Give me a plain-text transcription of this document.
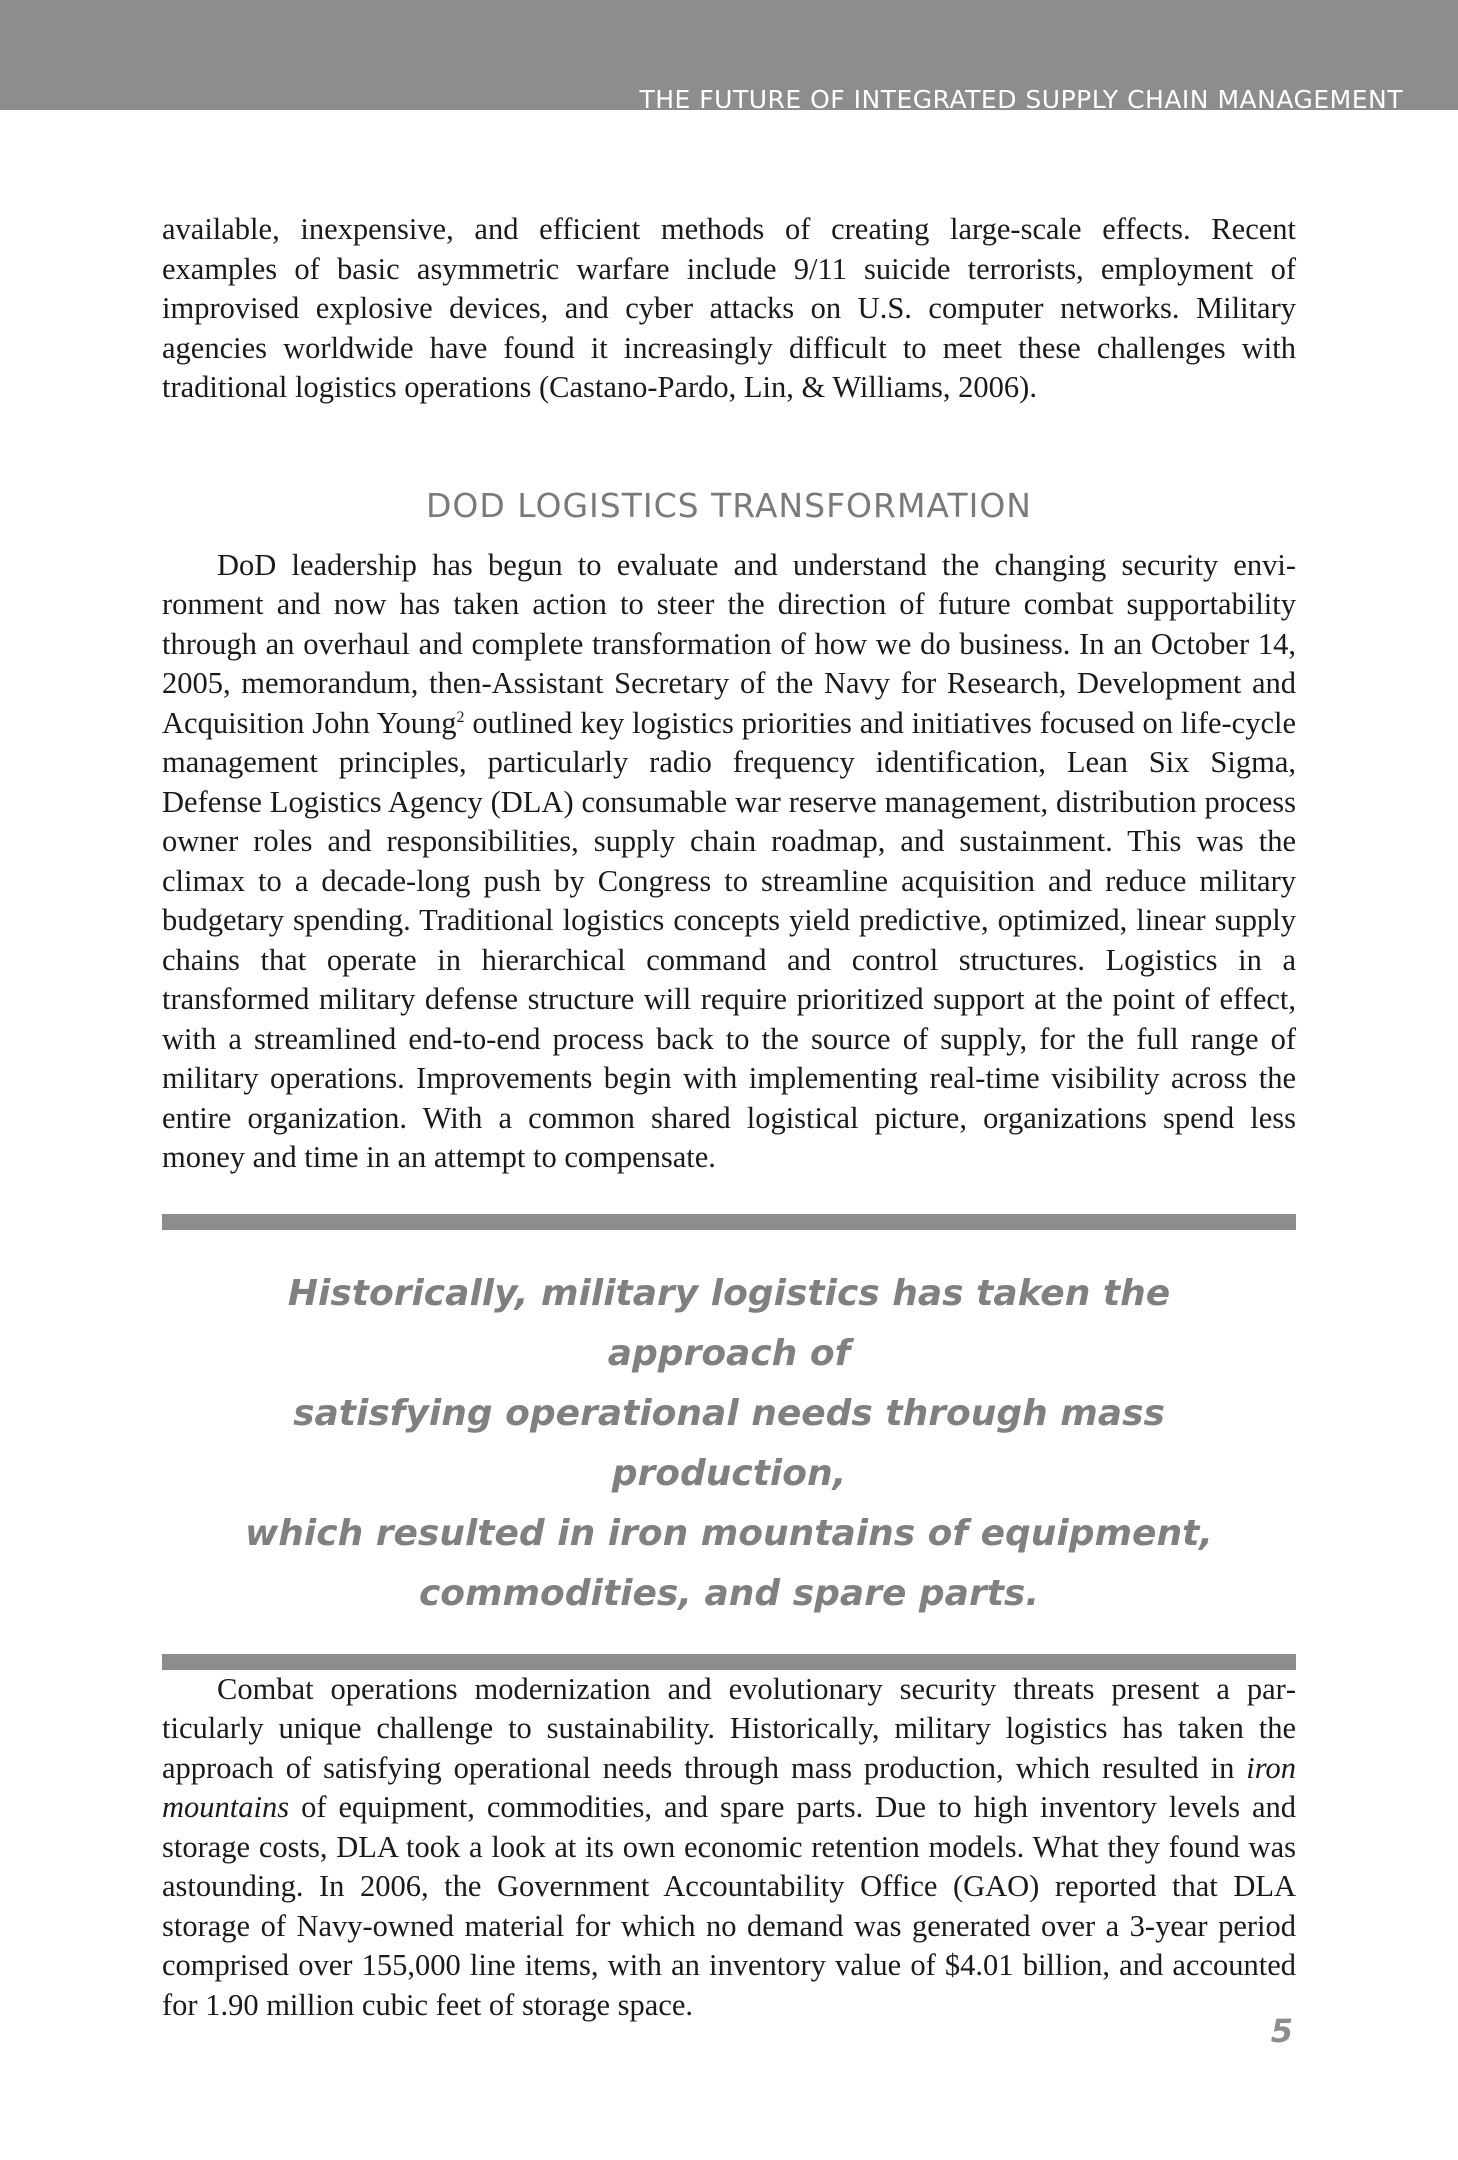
THE FUTURE OF INTEGRATED SUPPLY CHAIN MANAGEMENT

available, inexpensive, and efficient methods of creating large-scale effects. Recent examples of basic asymmetric warfare include 9/11 suicide terrorists, employment of improvised explosive devices, and cyber attacks on U.S. computer networks. Military agencies worldwide have found it increasingly difficult to meet these challenges with traditional logistics operations (Castano-Pardo, Lin, & Williams, 2006).

DOD LOGISTICS TRANSFORMATION

DoD leadership has begun to evaluate and understand the changing security environment and now has taken action to steer the direction of future combat supportability through an overhaul and complete transformation of how we do business. In an October 14, 2005, memorandum, then-Assistant Secretary of the Navy for Research, Development and Acquisition John Young$^2$ outlined key logistics priorities and initiatives focused on life-cycle management principles, particularly radio frequency identification, Lean Six Sigma, Defense Logistics Agency (DLA) consumable war reserve management, distribution process owner roles and responsibilities, supply chain roadmap, and sustainment. This was the climax to a decade-long push by Congress to streamline acquisition and reduce military budgetary spending. Traditional logistics concepts yield predictive, optimized, linear supply chains that operate in hierarchical command and control structures. Logistics in a transformed military defense structure will require prioritized support at the point of effect, with a streamlined end-to-end process back to the source of supply, for the full range of military operations. Improvements begin with implementing real-time visibility across the entire organization. With a common shared logistical picture, organizations spend less money and time in an attempt to compensate.

Historically, military logistics has taken the approach of
satisfying operational needs through mass production,
which resulted in iron mountains of equipment,
commodities, and spare parts.

Combat operations modernization and evolutionary security threats present a particularly unique challenge to sustainability. Historically, military logistics has taken the approach of satisfying operational needs through mass production, which resulted in iron mountains of equipment, commodities, and spare parts. Due to high inventory levels and storage costs, DLA took a look at its own economic retention models. What they found was astounding. In 2006, the Government Accountability Office (GAO) reported that DLA storage of Navy-owned material for which no demand was generated over a 3-year period comprised over 155,000 line items, with an inventory value of $4.01 billion, and accounted for 1.90 million cubic feet of storage space.

5
